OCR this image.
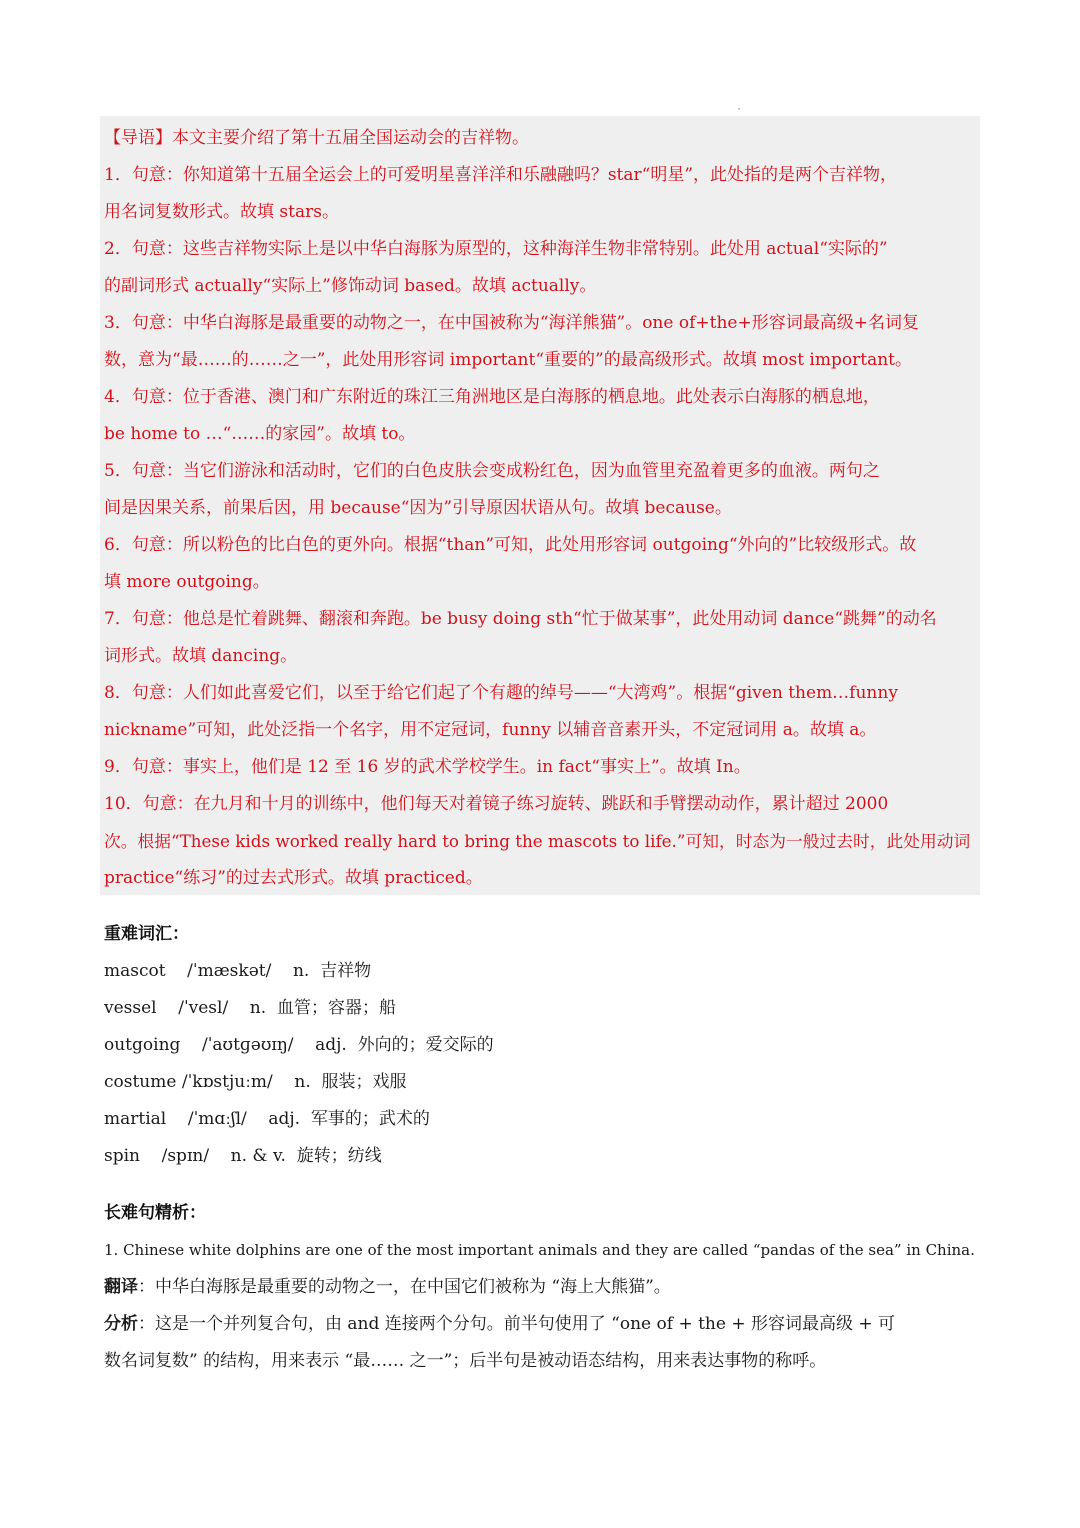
【导语】本文主要介绍了第十五届全国运动会的吉祥物。
1．句意：你知道第十五届全运会上的可爱明星喜洋洋和乐融融吗？star“明星”，此处指的是两个吉祥物，
用名词复数形式。故填 stars。
2．句意：这些吉祥物实际上是以中华白海豚为原型的，这种海洋生物非常特别。此处用 actual“实际的”
的副词形式 actually“实际上”修饰动词 based。故填 actually。
3．句意：中华白海豚是最重要的动物之一，在中国被称为“海洋熊猫”。one of+the+形容词最高级+名词复
数，意为“最……的……之一”，此处用形容词 important“重要的”的最高级形式。故填 most important。
4．句意：位于香港、澳门和广东附近的珠江三角洲地区是白海豚的栖息地。此处表示白海豚的栖息地，
be home to …“……的家园”。故填 to。
5．句意：当它们游泳和活动时，它们的白色皮肤会变成粉红色，因为血管里充盈着更多的血液。两句之
间是因果关系，前果后因，用 because“因为”引导原因状语从句。故填 because。
6．句意：所以粉色的比白色的更外向。根据“than”可知，此处用形容词 outgoing“外向的”比较级形式。故
填 more outgoing。
7．句意：他总是忙着跳舞、翻滚和奔跑。be busy doing sth“忙于做某事”，此处用动词 dance“跳舞”的动名
词形式。故填 dancing。
8．句意：人们如此喜爱它们，以至于给它们起了个有趣的绰号——“大湾鸡”。根据“given them…funny
nickname”可知，此处泛指一个名字，用不定冠词，funny 以辅音音素开头，不定冠词用 a。故填 a。
9．句意：事实上，他们是 12 至 16 岁的武术学校学生。in fact“事实上”。故填 In。
10．句意：在九月和十月的训练中，他们每天对着镜子练习旋转、跳跃和手臂摆动动作，累计超过 2000
次。根据“These kids worked really hard to bring the mascots to life.”可知，时态为一般过去时，此处用动词
practice“练习”的过去式形式。故填 practiced。
重难词汇：
mascot    /ˈmæskət/    n.  吉祥物
vessel    /ˈvesl/    n.  血管；容器；船
outgoing    /ˈaʊtɡəʊɪŋ/    adj.  外向的；爱交际的
costume /ˈkɒstjuːm/    n.  服装；戏服
martial    /ˈmɑːʃl/    adj.  军事的；武术的
spin    /spɪn/    n. & v.  旋转；纺线
长难句精析：
1. Chinese white dolphins are one of the most important animals and they are called “pandas of the sea” in China.
翻译：中华白海豚是最重要的动物之一，在中国它们被称为 “海上大熊猫”。
分析：这是一个并列复合句，由 and 连接两个分句。前半句使用了 “one of + the + 形容词最高级 + 可
数名词复数” 的结构，用来表示 “最…… 之一”；后半句是被动语态结构，用来表达事物的称呼。
